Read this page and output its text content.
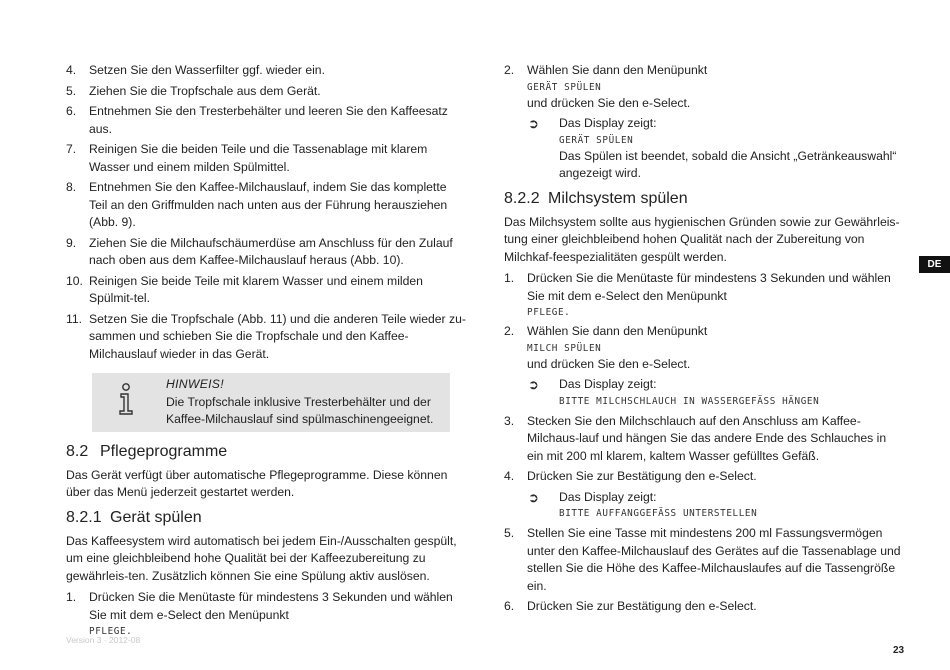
4. Setzen Sie den Wasserfilter ggf. wieder ein.
5. Ziehen Sie die Tropfschale aus dem Gerät.
6. Entnehmen Sie den Tresterbehälter und leeren Sie den Kaffeesatz aus.
7. Reinigen Sie die beiden Teile und die Tassenablage mit klarem Wasser und einem milden Spülmittel.
8. Entnehmen Sie den Kaffee-Milchauslauf, indem Sie das komplette Teil an den Griffmulden nach unten aus der Führung herausziehen (Abb. 9).
9. Ziehen Sie die Milchaufschäumerdüse am Anschluss für den Zulauf nach oben aus dem Kaffee-Milchauslauf heraus (Abb. 10).
10. Reinigen Sie beide Teile mit klarem Wasser und einem milden Spülmit-tel.
11. Setzen Sie die Tropfschale (Abb. 11) und die anderen Teile wieder zu-sammen und schieben Sie die Tropfschale und den Kaffee-Milchauslauf wieder in das Gerät.
HINWEIS!
Die Tropfschale inklusive Tresterbehälter und der Kaffee-Milchauslauf sind spülmaschinengeeignet.
8.2 Pflegeprogramme

Das Gerät verfügt über automatische Pflegeprogramme. Diese können über das Menü jederzeit gestartet werden.

8.2.1 Gerät spülen

Das Kaffeesystem wird automatisch bei jedem Ein-/Ausschalten gespült, um eine gleichbleibend hohe Qualität bei der Kaffeezubereitung zu gewährleis-ten. Zusätzlich können Sie eine Spülung aktiv auslösen.

1. Drücken Sie die Menütaste für mindestens 3 Sekunden und wählen Sie mit dem e-Select den Menüpunkt
PFLEGE.
2. Wählen Sie dann den Menüpunkt
GERÄT SPÜLEN
und drücken Sie den e-Select.
➲ Das Display zeigt:
GERÄT SPÜLEN
Das Spülen ist beendet, sobald die Ansicht „Getränkeauswahl“ angezeigt wird.
8.2.2 Milchsystem spülen

Das Milchsystem sollte aus hygienischen Gründen sowie zur Gewährleis-tung einer gleichbleibend hohen Qualität nach der Zubereitung von Milchkaf-feespezialitäten gespült werden.

1. Drücken Sie die Menütaste für mindestens 3 Sekunden und wählen Sie mit dem e-Select den Menüpunkt
PFLEGE.
2. Wählen Sie dann den Menüpunkt
MILCH SPÜLEN
und drücken Sie den e-Select.
➲ Das Display zeigt:
BITTE MILCHSCHLAUCH IN WASSERGEFÄSS HÄNGEN
3. Stecken Sie den Milchschlauch auf den Anschluss am Kaffee-Milchaus-lauf und hängen Sie das andere Ende des Schlauches in ein mit 200 ml klarem, kaltem Wasser gefülltes Gefäß.
4. Drücken Sie zur Bestätigung den e-Select.
➲ Das Display zeigt:
BITTE AUFFANGGEFÄSS UNTERSTELLEN
5. Stellen Sie eine Tasse mit mindestens 200 ml Fassungsvermögen unter den Kaffee-Milchauslauf des Gerätes auf die Tassenablage und stellen Sie die Höhe des Kaffee-Milchauslaufes auf die Tassengröße ein.
6. Drücken Sie zur Bestätigung den e-Select.
DE
Version 3 · 2012-08
23
